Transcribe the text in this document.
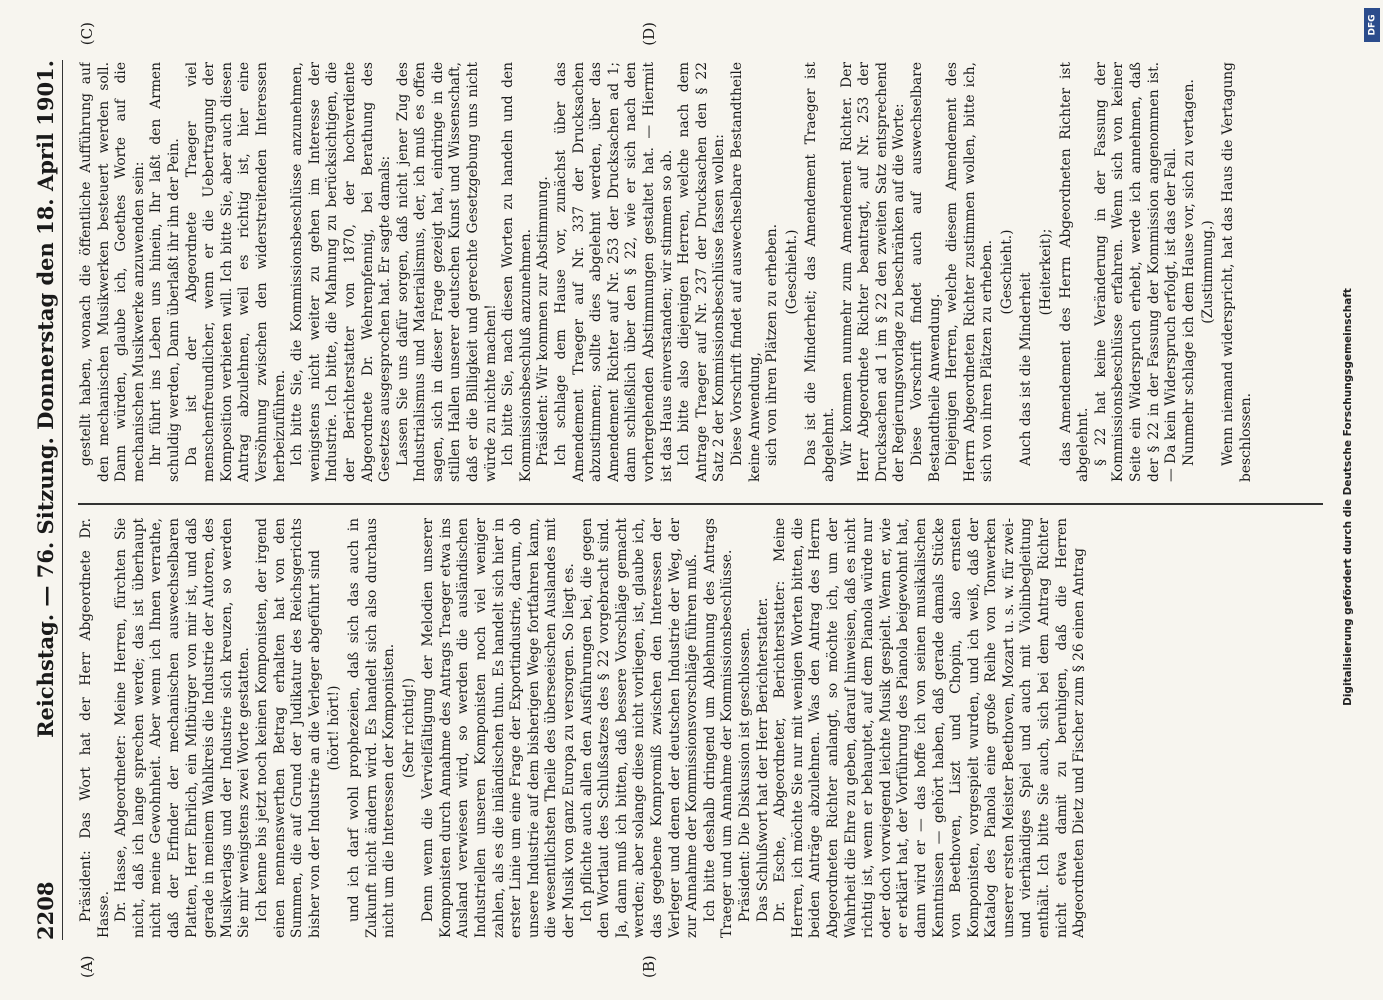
2208
Reichstag. — 76. Sitzung. Donnerstag den 18. April 1901.
(A)	(B)
(C)	(D)

Präsident: Das Wort hat der Herr Abgeordnete Dr. Hasse. Dr. Hasse, Abgeordneter: Meine Herren, fürchten Sie nicht, daß ich lange sprechen werde; das ist überhaupt nicht meine Gewohnheit. Aber wenn ich Ihnen verrathe, daß der Erfinder der mechanischen auswechselbaren Platten, Herr Ehrlich, ein Mitbürger von mir ist, und daß gerade in meinem Wahlkreis die Industrie der Autoren, des Musikverlags und der Industrie sich kreuzen, so werden Sie mir wenigstens zwei Worte gestatten. Ich kenne bis jetzt noch keinen Komponisten, der irgend einen nennenswerthen Betrag erhalten hat von den Summen, die auf Grund der Judikatur des Reichsgerichts bisher von der Industrie an die Verleger abgeführt sind (hört! hört!) und ich darf wohl prophezeien, daß sich das auch in Zukunft nicht ändern wird. Es handelt sich also durchaus nicht um die Interessen der Komponisten. (Sehr richtig!) Denn wenn die Vervielfältigung der Melodien unserer Komponisten durch Annahme des Antrags Traeger etwa ins Ausland verwiesen wird, so werden die ausländischen Industriellen unseren Komponisten noch viel weniger zahlen, als es die inländischen thun. Es handelt sich hier in erster Linie um eine Frage der Exportindustrie, darum, ob unsere Industrie auf dem bisherigen Wege fortfahren kann, die wesentlichsten Theile des überseeischen Auslandes mit der Musik von ganz Europa zu versorgen. So liegt es. Ich pflichte auch allen den Ausführungen bei, die gegen den Wortlaut des Schlußsatzes des § 22 vorgebracht sind. Ja, dann muß ich bitten, daß bessere Vorschläge gemacht werden; aber solange diese nicht vorliegen, ist, glaube ich, das gegebene Kompromiß zwischen den Interessen der Verleger und denen der deutschen Industrie der Weg, der zur Annahme der Kommissionsvorschläge führen muß. Ich bitte deshalb dringend um Ablehnung des Antrags Traeger und um Annahme der Kommissionsbeschlüsse. Präsident: Die Diskussion ist geschlossen. Das Schlußwort hat der Herr Berichterstatter. Dr. Esche, Abgeordneter, Berichterstatter: Meine Herren, ich möchte Sie nur mit wenigen Worten bitten, die beiden Anträge abzulehnen. Was den Antrag des Herrn Abgeordneten Richter anlangt, so möchte ich, um der Wahrheit die Ehre zu geben, darauf hinweisen, daß es nicht richtig ist, wenn er behauptet, auf dem Pianola würde nur oder doch vorwiegend leichte Musik gespielt. Wenn er, wie er erklärt hat, der Vorführung des Pianola beigewohnt hat, dann wird er — das hoffe ich von seinen musikalischen Kenntnissen — gehört haben, daß gerade damals Stücke von Beethoven, Liszt und Chopin, also ernsten Komponisten, vorgespielt wurden, und ich weiß, daß der Katalog des Pianola eine große Reihe von Tonwerken unserer ersten Meister Beethoven, Mozart u. s. w. für zwei- und vierhändiges Spiel und auch mit Violinbegleitung enthält. Ich bitte Sie auch, sich bei dem Antrag Richter nicht etwa damit zu beruhigen, daß die Herren Abgeordneten Dietz und Fischer zum § 26 einen Antrag

gestellt haben, wonach die öffentliche Aufführung auf den mechanischen Musikwerken besteuert werden soll. Dann würden, glaube ich, Goethes Worte auf die mechanischen Musikwerke anzuwenden sein: Ihr führt ins Leben uns hinein, Ihr laßt den Armen schuldig werden, Dann überlaßt ihr ihn der Pein. Da ist der Abgeordnete Traeger viel menschenfreundlicher, wenn er die Uebertragung der Komposition verbieten will. Ich bitte Sie, aber auch diesen Antrag abzulehnen, weil es richtig ist, hier eine Versöhnung zwischen den widerstreitenden Interessen herbeizuführen. Ich bitte Sie, die Kommissionsbeschlüsse anzunehmen, wenigstens nicht weiter zu gehen im Interesse der Industrie. Ich bitte, die Mahnung zu berücksichtigen, die der Berichterstatter von 1870, der hochverdiente Abgeordnete Dr. Wehrenpfennig, bei Berathung des Gesetzes ausgesprochen hat. Er sagte damals: Lassen Sie uns dafür sorgen, daß nicht jener Zug des Industrialismus und Materialismus, der, ich muß es offen sagen, sich in dieser Frage gezeigt hat, eindringe in die stillen Hallen unserer deutschen Kunst und Wissenschaft, daß er die Billigkeit und gerechte Gesetzgebung uns nicht würde zu nichte machen! Ich bitte Sie, nach diesen Worten zu handeln und den Kommissionsbeschluß anzunehmen. Präsident: Wir kommen zur Abstimmung. Ich schlage dem Hause vor, zunächst über das Amendement Traeger auf Nr. 337 der Drucksachen abzustimmen; sollte dies abgelehnt werden, über das Amendement Richter auf Nr. 253 der Drucksachen ad 1; dann schließlich über den § 22, wie er sich nach den vorhergehenden Abstimmungen gestaltet hat. — Hiermit ist das Haus einverstanden; wir stimmen so ab. Ich bitte also diejenigen Herren, welche nach dem Antrage Traeger auf Nr. 237 der Drucksachen den § 22 Satz 2 der Kommissionsbeschlüsse fassen wollen: Diese Vorschrift findet auf auswechselbare Bestandtheile keine Anwendung, sich von ihren Plätzen zu erheben. (Geschieht.) Das ist die Minderheit; das Amendement Traeger ist abgelehnt. Wir kommen nunmehr zum Amendement Richter. Der Herr Abgeordnete Richter beantragt, auf Nr. 253 der Drucksachen ad 1 im § 22 den zweiten Satz entsprechend der Regierungsvorlage zu beschränken auf die Worte: Diese Vorschrift findet auch auf auswechselbare Bestandtheile Anwendung. Diejenigen Herren, welche diesem Amendement des Herrn Abgeordneten Richter zustimmen wollen, bitte ich, sich von ihren Plätzen zu erheben. (Geschieht.)

Auch das ist die Minderheit

(Heiterkeit); das Amendement des Herrn Abgeordneten Richter ist abgelehnt. § 22 hat keine Veränderung in der Fassung der Kommissionsbeschlüsse erfahren. Wenn sich von keiner Seite ein Widerspruch erhebt, werde ich annehmen, daß der § 22 in der Fassung der Kommission angenommen ist. — Da kein Widerspruch erfolgt, ist das der Fall. Nunmehr schlage ich dem Hause vor, sich zu vertagen. (Zustimmung.) Wenn niemand widerspricht, hat das Haus die Vertagung beschlossen.

DFG
Digitalisierung gefördert durch die Deutsche Forschungsgemeinschaft
